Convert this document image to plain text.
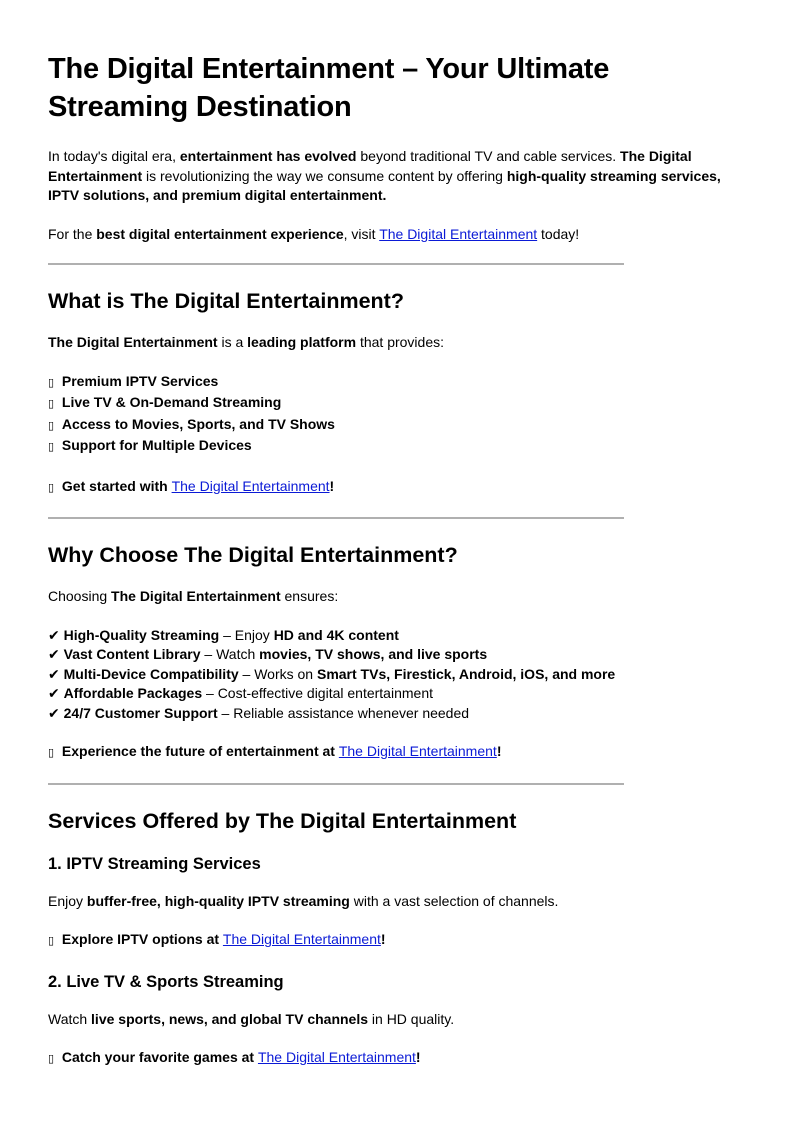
The Digital Entertainment – Your Ultimate Streaming Destination

In today's digital era, entertainment has evolved beyond traditional TV and cable services. The Digital Entertainment is revolutionizing the way we consume content by offering high-quality streaming services, IPTV solutions, and premium digital entertainment.

For the best digital entertainment experience, visit The Digital Entertainment today!

What is The Digital Entertainment?

The Digital Entertainment is a leading platform that provides:

▯ Premium IPTV Services

▯ Live TV & On-Demand Streaming

▯ Access to Movies, Sports, and TV Shows

▯ Support for Multiple Devices

▯ Get started with The Digital Entertainment!

Why Choose The Digital Entertainment?

Choosing The Digital Entertainment ensures:

✔ High-Quality Streaming – Enjoy HD and 4K content

✔ Vast Content Library – Watch movies, TV shows, and live sports

✔ Multi-Device Compatibility – Works on Smart TVs, Firestick, Android, iOS, and more

✔ Affordable Packages – Cost-effective digital entertainment

✔ 24/7 Customer Support – Reliable assistance whenever needed

▯ Experience the future of entertainment at The Digital Entertainment!

Services Offered by The Digital Entertainment
1. IPTV Streaming Services

Enjoy buffer-free, high-quality IPTV streaming with a vast selection of channels.

▯ Explore IPTV options at The Digital Entertainment!

2. Live TV & Sports Streaming

Watch live sports, news, and global TV channels in HD quality.

▯ Catch your favorite games at The Digital Entertainment!
